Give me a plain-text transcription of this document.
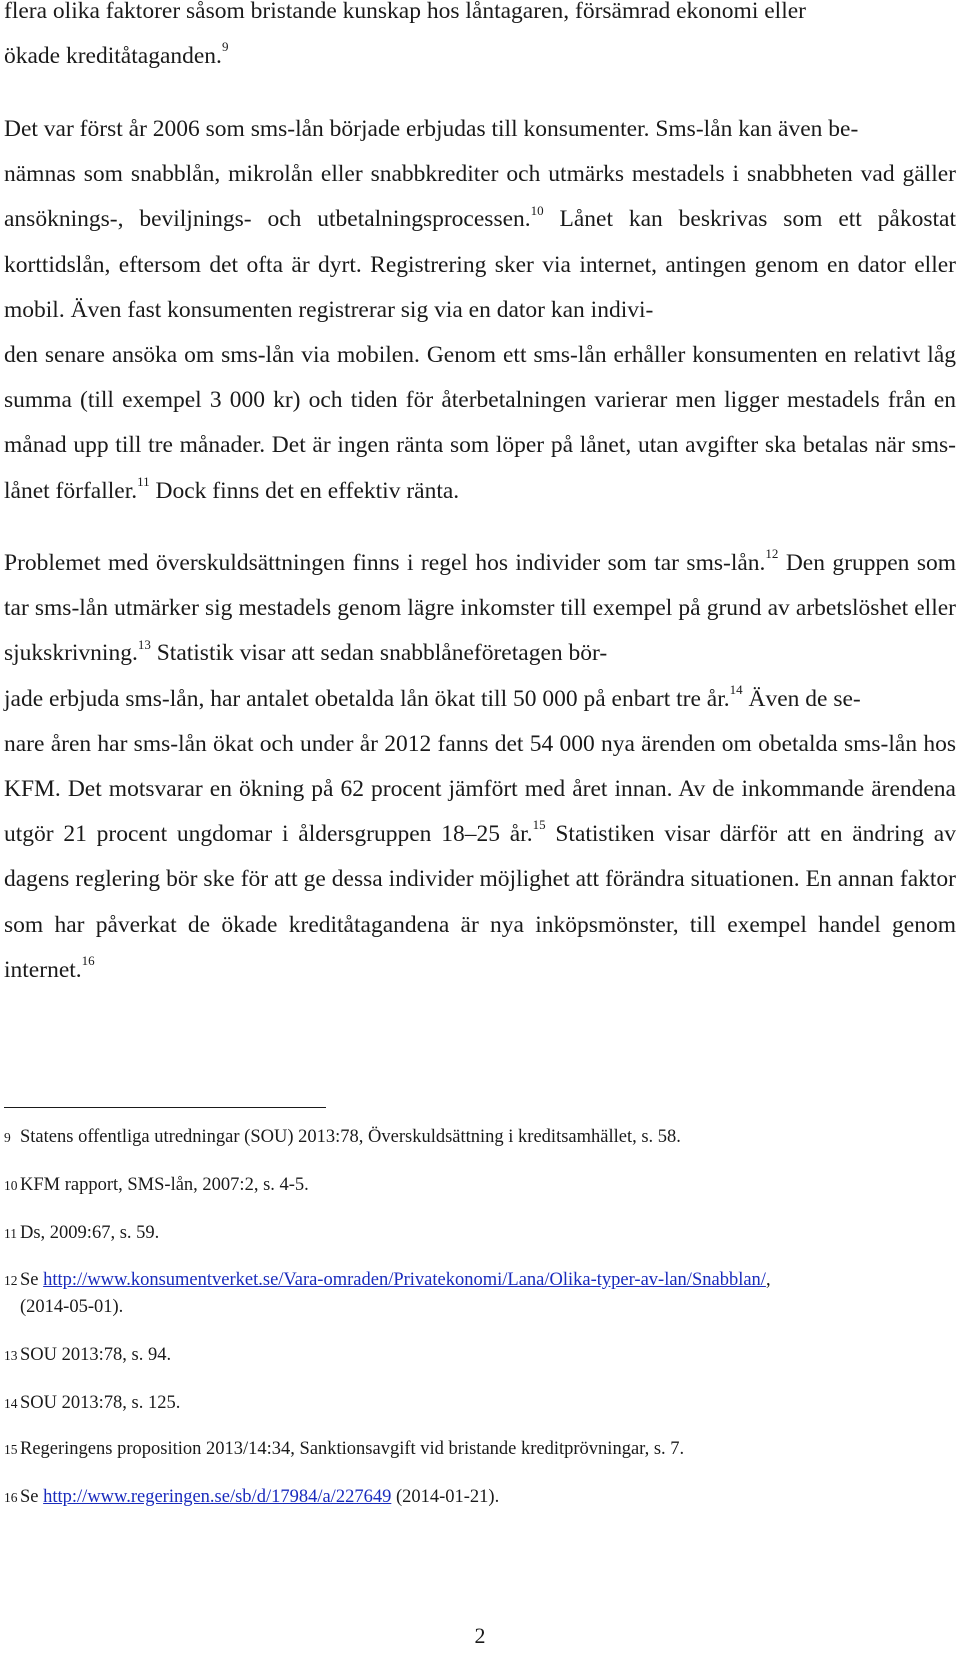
flera olika faktorer såsom bristande kunskap hos låntagaren, försämrad ekonomi eller
ökade kreditåtaganden.$^9$
Det var först år 2006 som sms-lån började erbjudas till konsumenter. Sms-lån kan även be-
nämnas som snabblån, mikrolån eller snabbkrediter och utmärks mestadels i snabbheten vad gäller ansöknings-, beviljnings- och utbetalningsprocessen.$^{10}$ Lånet kan beskrivas som ett påkostat korttidslån, eftersom det ofta är dyrt. Registrering sker via internet, antingen genom en dator eller mobil. Även fast konsumenten registrerar sig via en dator kan indivi-
den senare ansöka om sms-lån via mobilen. Genom ett sms-lån erhåller konsumenten en relativt låg summa (till exempel 3 000 kr) och tiden för återbetalningen varierar men ligger mestadels från en månad upp till tre månader. Det är ingen ränta som löper på lånet, utan avgifter ska betalas när sms-lånet förfaller.$^{11}$ Dock finns det en effektiv ränta.
Problemet med överskuldsättningen finns i regel hos individer som tar sms-lån.$^{12}$ Den gruppen som tar sms-lån utmärker sig mestadels genom lägre inkomster till exempel på grund av arbetslöshet eller sjukskrivning.$^{13}$ Statistik visar att sedan snabblåneföretagen bör-
jade erbjuda sms-lån, har antalet obetalda lån ökat till 50 000 på enbart tre år.$^{14}$ Även de se-
nare åren har sms-lån ökat och under år 2012 fanns det 54 000 nya ärenden om obetalda sms-lån hos KFM. Det motsvarar en ökning på 62 procent jämfört med året innan. Av de inkommande ärendena utgör 21 procent ungdomar i åldersgruppen 18–25 år.$^{15}$ Statistiken visar därför att en ändring av dagens reglering bör ske för att ge dessa individer möjlighet att förändra situationen. En annan faktor som har påverkat de ökade kreditåtagandena är nya inköpsmönster, till exempel handel genom internet.$^{16}$
9 Statens offentliga utredningar (SOU) 2013:78, Överskuldsättning i kreditsamhället, s. 58.
10 KFM rapport, SMS-lån, 2007:2, s. 4-5.
11 Ds, 2009:67, s. 59.
12 Se http://www.konsumentverket.se/Vara-omraden/Privatekonomi/Lana/Olika-typer-av-lan/Snabblan/,
(2014-05-01).
13 SOU 2013:78, s. 94.
14 SOU 2013:78, s. 125.
15 Regeringens proposition 2013/14:34, Sanktionsavgift vid bristande kreditprövningar, s. 7.
16 Se http://www.regeringen.se/sb/d/17984/a/227649 (2014-01-21).
2
